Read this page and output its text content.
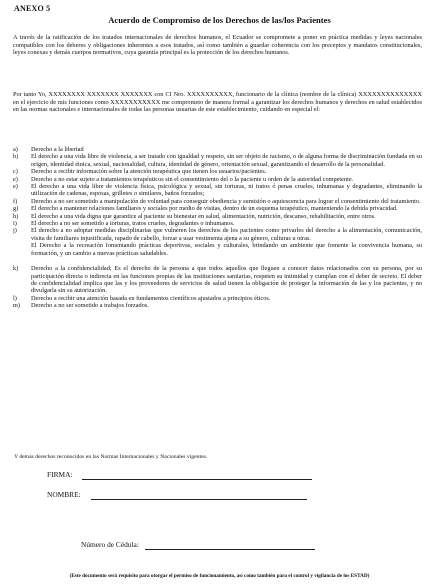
ANEXO 5
Acuerdo de Compromiso de los Derechos de las/los Pacientes
A través de la ratificación de los tratados internacionales de derechos humanos, el Ecuador se compromete a poner en práctica medidas y leyes nacionales compatibles con los deberes y obligaciones inherentes a esos tratados, así como también a guardar coherencia con los preceptos y mandatos constitucionales, leyes conexas y demás cuerpos normativos, cuya garantía principal es la protección de los derechos humanos.
Por tanto Yo, XXXXXXXX XXXXXXX XXXXXXX con CI Nro. XXXXXXXXXX, funcionario de la clínica (nombre de la clínica) XXXXXXXXXXXXXX en el ejercicio de mis funciones como XXXXXXXXXXX me comprometo de manera formal a garantizar los derechos humanos y derechos en salud establecidos en las normas nacionales e internacionales de todas las personas usuarias de este establecimiento, cuidando en especial el:
a)	Derecho a la libertad
b)	El derecho a una vida libre de violencia, a ser tratado con igualdad y respeto, sin ser objeto de racismo, o de alguna forma de discriminación fundada en su origen, identidad étnica, sexual, nacionalidad, cultura, identidad de género, orientación sexual, garantizando el desarrollo de la personalidad.
c)	Derecho a recibir información sobre la atención terapéutica que tienen los usuarios/pacientes.
e)	Derecho a no estar sujeto a tratamientos terapéuticos sin el consentimiento del o la paciente u orden de la autoridad competente.
e)	El derecho a una vida libre de violencia física, psicológica y sexual, sin torturas, ni tratos ó penas crueles, inhumanas y degradantes, eliminando la utilización de cadenas, esposas, grilletes o similares, baños forzados;
f)	Derecho a no ser sometido a manipulación de voluntad para conseguir obediencia y sumisión o aquiescencia para lograr el consentimiento del tratamiento.
g)	El derecho a mantener relaciones familiares y sociales por medio de visitas, dentro de un esquema terapéutico, manteniendo la debida privacidad.
h)	El derecho a una vida digna que garantice al paciente su bienestar en salud, alimentación, nutrición, descanso, rehabilitación, entre otros.
i)	El derecho a no ser sometido a torturas, tratos crueles, degradantes o inhumanos.
j)	El derecho a no adoptar medidas disciplinarias que vulneren los derechos de los pacientes como privarles del derecho a la alimentación, comunicación, visita de familiares injustificada, rapado de cabello, forzar a usar vestimenta ajena a su género, culturas u otras.
El Derecho a la recreación fomentando prácticas deportivas, sociales y culturales, brindando un ambiente que fomente la convivencia humana, su formación, y un cambio a nuevas prácticas saludables.
k)	Derecho a la confidencialidad; Es el derecho de la persona a que todos aquellos que lleguen a conocer datos relacionados con su persona, por su participación directa o indirecta en las funciones propias de las instituciones sanitarias, respeten su intimidad y cumplan con el deber de secreto. El deber de confidencialidad implica que las y los proveedores de servicios de salud tienen la obligación de proteger la información de las y los pacientes, y no divulgarla sin su autorización.
l)	Derecho a recibir una atención basada en fundamentos científicos ajustados a principios éticos.
m)	Derecho a no ser sometido a trabajos forzados.
Y demás derechos reconocidos en las Normas Internacionales y Nacionales vigentes.
FIRMA:
NOMBRE:
Número de Cédula:
(Este documento será requisito para otorgar el permiso de funcionamiento, así como también para el control y vigilancia de los ESTAD)
